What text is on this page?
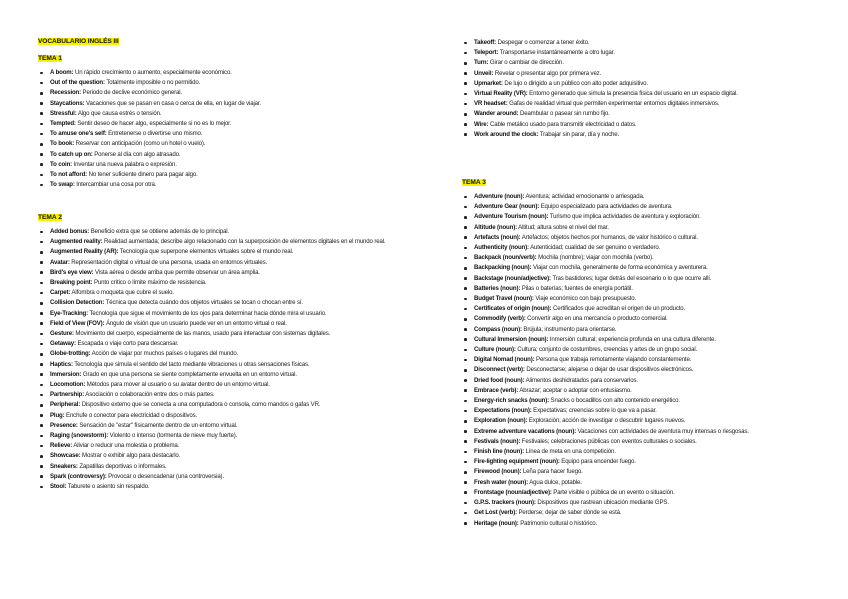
VOCABULARIO INGLÉS III
TEMA 1
A boom: Un rápido crecimiento o aumento, especialmente económico.
Out of the question: Totalmente imposible o no permitido.
Recession: Periodo de declive económico general.
Staycations: Vacaciones que se pasan en casa o cerca de ella, en lugar de viajar.
Stressful: Algo que causa estrés o tensión.
Tempted: Sentir deseo de hacer algo, especialmente si no es lo mejor.
To amuse one's self: Entretenerse o divertirse uno mismo.
To book: Reservar con anticipación (como un hotel o vuelo).
To catch up on: Ponerse al día con algo atrasado.
To coin: Inventar una nueva palabra o expresión.
To not afford: No tener suficiente dinero para pagar algo.
To swap: Intercambiar una cosa por otra.
TEMA 2
Added bonus: Beneficio extra que se obtiene además de lo principal.
Augmented reality: Realidad aumentada; describe algo relacionado con la superposición de elementos digitales en el mundo real.
Augmented Reality (AR): Tecnología que superpone elementos virtuales sobre el mundo real.
Avatar: Representación digital o virtual de una persona, usada en entornos virtuales.
Bird's eye view: Vista aérea o desde arriba que permite observar un área amplia.
Breaking point: Punto crítico o límite máximo de resistencia.
Carpet: Alfombra o moqueta que cubre el suelo.
Collision Detection: Técnica que detecta cuándo dos objetos virtuales se tocan o chocan entre sí.
Eye-Tracking: Tecnología que sigue el movimiento de los ojos para determinar hacia dónde mira el usuario.
Field of View (FOV): Ángulo de visión que un usuario puede ver en un entorno virtual o real.
Gesture: Movimiento del cuerpo, especialmente de las manos, usado para interactuar con sistemas digitales.
Getaway: Escapada o viaje corto para descansar.
Globe-trotting: Acción de viajar por muchos países o lugares del mundo.
Haptics: Tecnología que simula el sentido del tacto mediante vibraciones u otras sensaciones físicas.
Immersion: Grado en que una persona se siente completamente envuelta en un entorno virtual.
Locomotion: Métodos para mover al usuario o su avatar dentro de un entorno virtual.
Partnership: Asociación o colaboración entre dos o más partes.
Peripheral: Dispositivo externo que se conecta a una computadora o consola, como mandos o gafas VR.
Plug: Enchufe o conector para electricidad o dispositivos.
Presence: Sensación de "estar" físicamente dentro de un entorno virtual.
Raging (snowstorm): Violento o intenso (tormenta de nieve muy fuerte).
Relieve: Aliviar o reducir una molestia o problema.
Showcase: Mostrar o exhibir algo para destacarlo.
Sneakers: Zapatillas deportivas o informales.
Spark (controversy): Provocar o desencadenar (una controversia).
Stool: Taburete o asiento sin respaldo.
Takeoff: Despegar o comenzar a tener éxito.
Teleport: Transportarse instantáneamente a otro lugar.
Turn: Girar o cambiar de dirección.
Unveil: Revelar o presentar algo por primera vez.
Upmarket: De lujo o dirigido a un público con alto poder adquisitivo.
Virtual Reality (VR): Entorno generado que simula la presencia física del usuario en un espacio digital.
VR headset: Gafas de realidad virtual que permiten experimentar entornos digitales inmersivos.
Wander around: Deambular o pasear sin rumbo fijo.
Wire: Cable metálico usado para transmitir electricidad o datos.
Work around the clock: Trabajar sin parar, día y noche.
TEMA 3
Adventure (noun): Aventura; actividad emocionante o arriesgada.
Adventure Gear (noun): Equipo especializado para actividades de aventura.
Adventure Tourism (noun): Turismo que implica actividades de aventura y exploración.
Altitude (noun): Altitud; altura sobre el nivel del mar.
Artefacts (noun): Artefactos; objetos hechos por humanos, de valor histórico o cultural.
Authenticity (noun): Autenticidad; cualidad de ser genuino o verdadero.
Backpack (noun/verb): Mochila (nombre); viajar con mochila (verbo).
Backpacking (noun): Viajar con mochila, generalmente de forma económica y aventurera.
Backstage (noun/adjective): Tras bastidores; lugar detrás del escenario o lo que ocurre allí.
Batteries (noun): Pilas o baterías; fuentes de energía portátil.
Budget Travel (noun): Viaje económico con bajo presupuesto.
Certificates of origin (noun): Certificados que acreditan el origen de un producto.
Commodify (verb): Convertir algo en una mercancía o producto comercial.
Compass (noun): Brújula; instrumento para orientarse.
Cultural Immersion (noun): Inmersión cultural; experiencia profunda en una cultura diferente.
Culture (noun): Cultura; conjunto de costumbres, creencias y artes de un grupo social.
Digital Nomad (noun): Persona que trabaja remotamente viajando constantemente.
Disconnect (verb): Desconectarse; alejarse o dejar de usar dispositivos electrónicos.
Dried food (noun): Alimentos deshidratados para conservarlos.
Embrace (verb): Abrazar; aceptar o adoptar con entusiasmo.
Energy-rich snacks (noun): Snacks o bocadillos con alto contenido energético.
Expectations (noun): Expectativas; creencias sobre lo que va a pasar.
Exploration (noun): Exploración; acción de investigar o descubrir lugares nuevos.
Extreme adventure vacations (noun): Vacaciones con actividades de aventura muy intensas o riesgosas.
Festivals (noun): Festivales; celebraciones públicas con eventos culturales o sociales.
Finish line (noun): Línea de meta en una competición.
Fire-lighting equipment (noun): Equipo para encender fuego.
Firewood (noun): Leña para hacer fuego.
Fresh water (noun): Agua dulce, potable.
Frontstage (noun/adjective): Parte visible o pública de un evento o situación.
G.P.S. trackers (noun): Dispositivos que rastrean ubicación mediante GPS.
Get Lost (verb): Perderse; dejar de saber dónde se está.
Heritage (noun): Patrimonio cultural o histórico.
